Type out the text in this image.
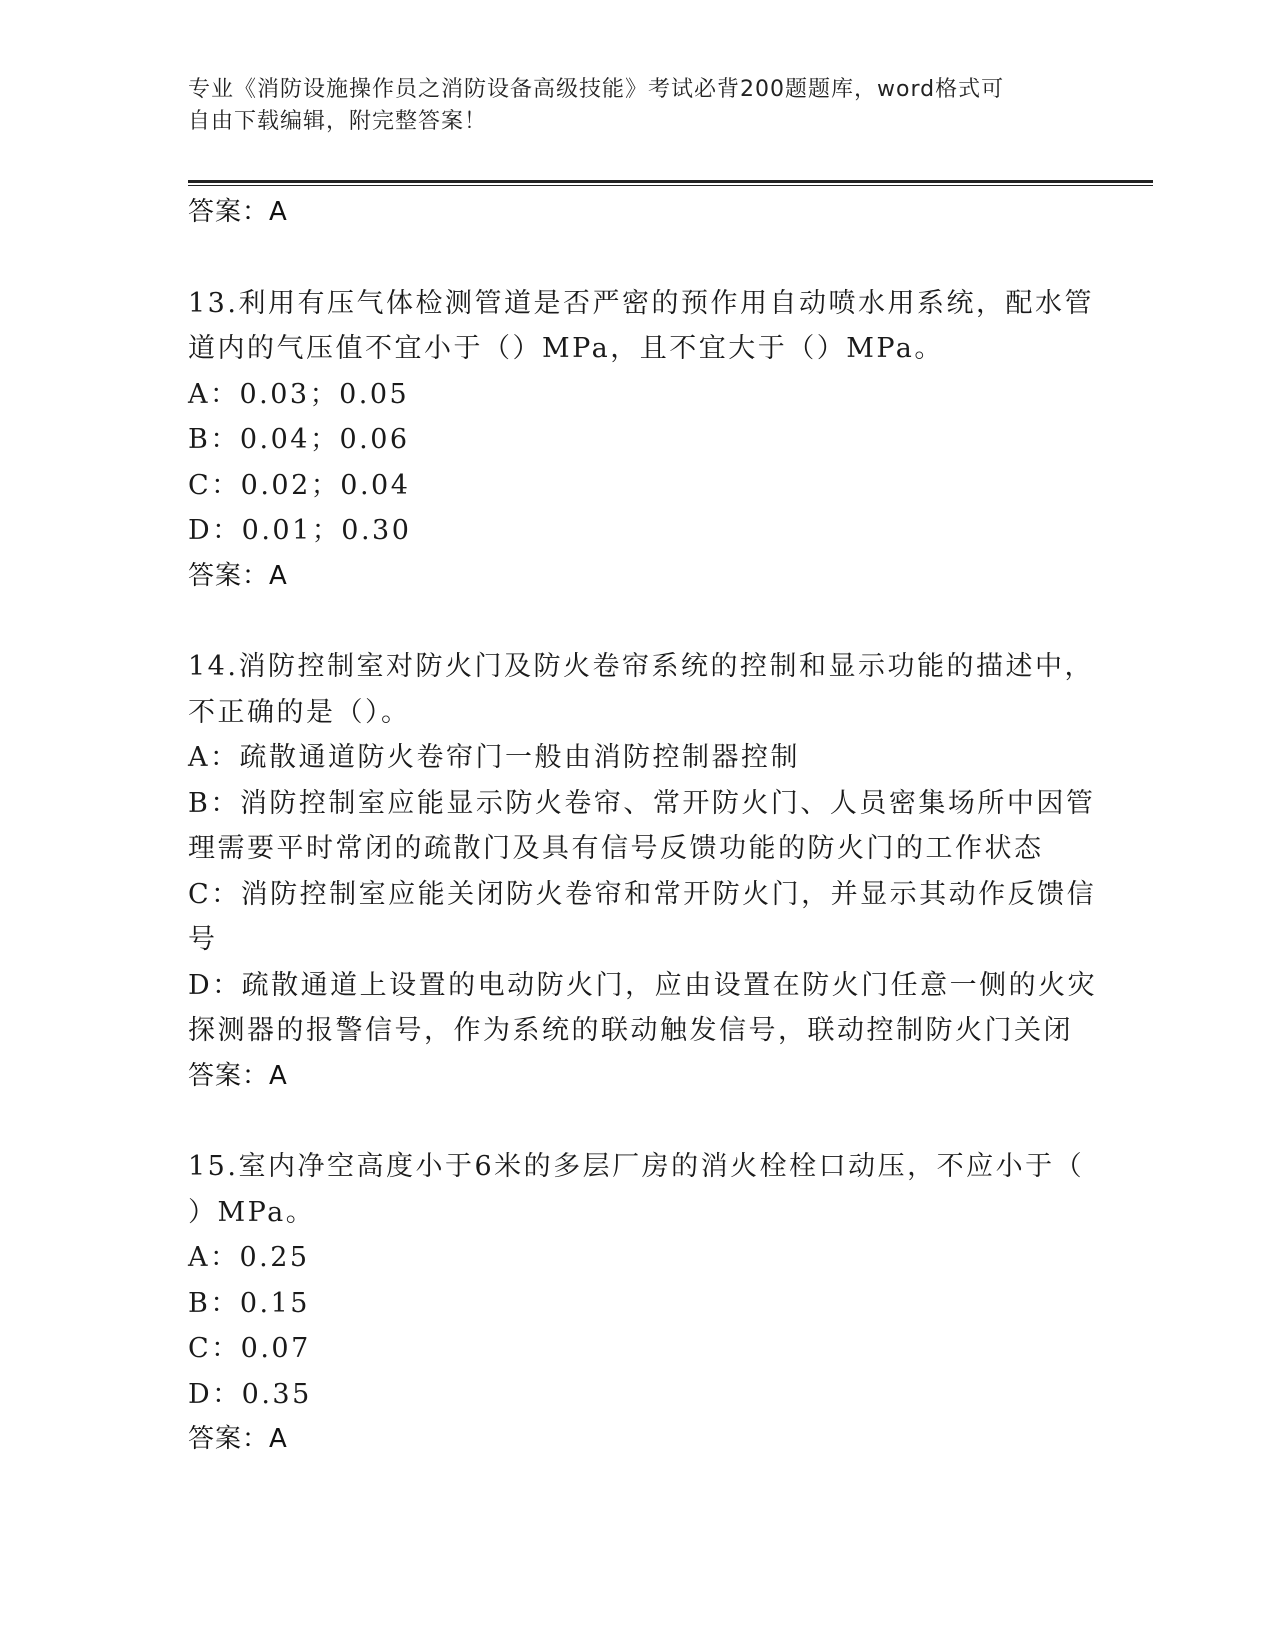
专业《消防设施操作员之消防设备高级技能》考试必背200题题库，word格式可
自由下载编辑，附完整答案！
答案：A
13.利用有压气体检测管道是否严密的预作用自动喷水用系统，配水管
道内的气压值不宜小于（）MPa，且不宜大于（）MPa。
A：0.03；0.05
B：0.04；0.06
C：0.02；0.04
D：0.01；0.30
答案：A
14.消防控制室对防火门及防火卷帘系统的控制和显示功能的描述中，
不正确的是（）。
A：疏散通道防火卷帘门一般由消防控制器控制
B：消防控制室应能显示防火卷帘、常开防火门、人员密集场所中因管
理需要平时常闭的疏散门及具有信号反馈功能的防火门的工作状态
C：消防控制室应能关闭防火卷帘和常开防火门，并显示其动作反馈信
号
D：疏散通道上设置的电动防火门，应由设置在防火门任意一侧的火灾
探测器的报警信号，作为系统的联动触发信号，联动控制防火门关闭
答案：A
15.室内净空高度小于6米的多层厂房的消火栓栓口动压，不应小于（
）MPa。
A：0.25
B：0.15
C：0.07
D：0.35
答案：A
